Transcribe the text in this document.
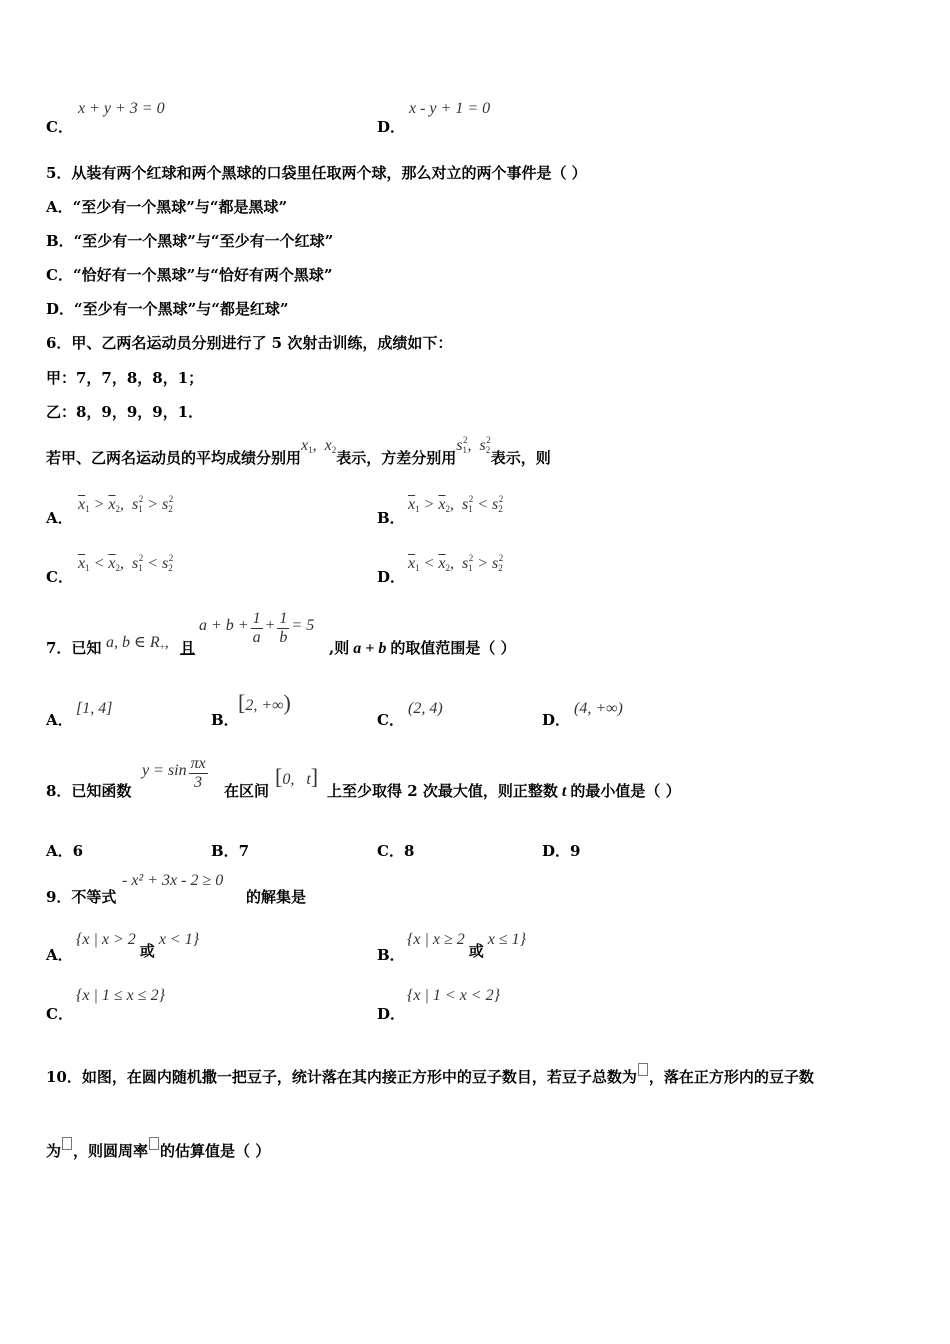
C．
x + y + 3 = 0
D．
x - y + 1 = 0
5．从装有两个红球和两个黑球的口袋里任取两个球，那么对立的两个事件是（ ）
A．“至少有一个黑球”与“都是黑球”
B．“至少有一个黑球”与“至少有一个红球”
C．“恰好有一个黑球”与“恰好有两个黑球”
D．“至少有一个黑球”与“都是红球”
6．甲、乙两名运动员分别进行了 5 次射击训练，成绩如下：
甲：7，7，8，8，1；
乙：8，9，9，9，1．
若甲、乙两名运动员的平均成绩分别用$x_1$,  $x_2$表示，方差分别用$s_1^2$,  $s_2^2$表示，则
A．
$\overline{x}_1 > \overline{x}_2$,  $s_1^2 > s_2^2$
B．
$\overline{x}_1 > \overline{x}_2$,  $s_1^2 < s_2^2$
C．
$\overline{x}_1 < \overline{x}_2$,  $s_1^2 < s_2^2$
D．
$\overline{x}_1 < \overline{x}_2$,  $s_1^2 > s_2^2$
7．已知 a, b ∈ $R_+$, 且
$a + b + \frac{1}{a} + \frac{1}{b} = 5$
,则 a + b 的取值范围是（ ）
A．
[1, 4]
B．
[2, +∞)
C．
(2, 4)
D．
(4, +∞)
8．已知函数
$y = \sin \frac{\pi x}{3}$ 在区间
[0,   t]
上至少取得 2 次最大值，则正整数 t 的最小值是（ ）
A．6	B．7	C．8	D．9
9．不等式
- x² + 3x - 2 ≥ 0
的解集是
A．
{x | x > 2 或 x < 1}
B．
{x | x ≥ 2 或 x ≤ 1}
C．
{x | 1 ≤ x ≤ 2}
D．
{x | 1 < x < 2}
10．如图，在圆内随机撒一把豆子，统计落在其内接正方形中的豆子数目，若豆子总数为 ，落在正方形内的豆子数
为 ，则圆周率 的估算值是（ ）
